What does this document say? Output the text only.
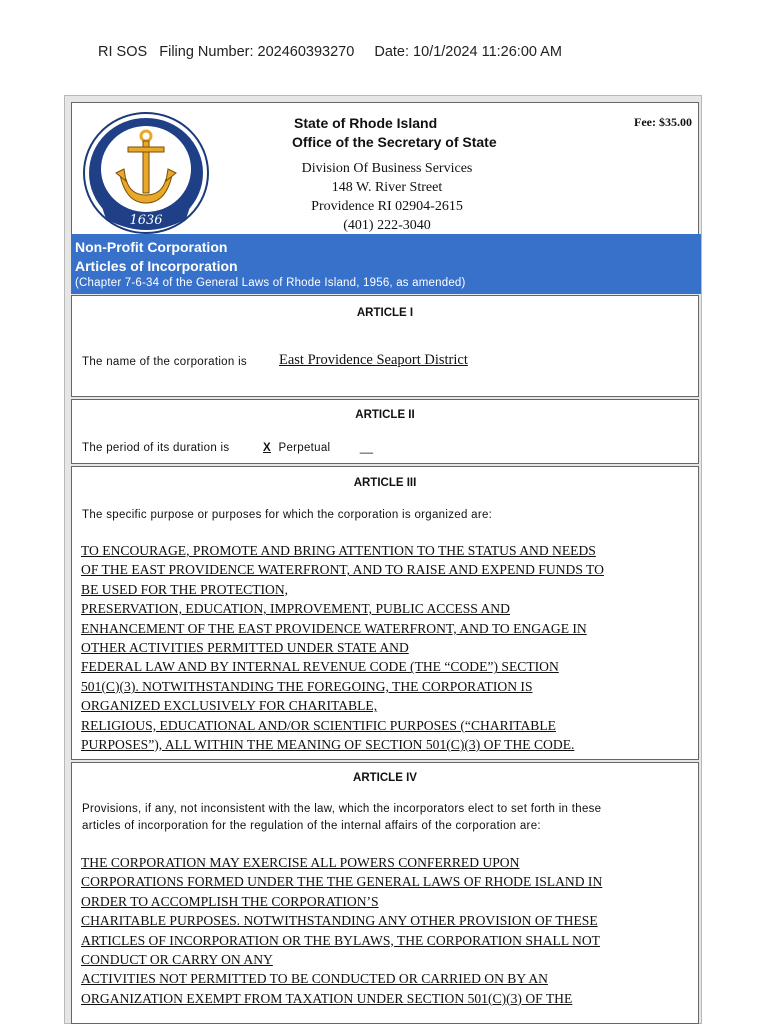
RI SOS   Filing Number: 202460393270 Date: 10/1/2024 11:26:00 AM
1636
State of Rhode Island
Office of the Secretary of State
Fee: $35.00
Division Of Business Services
148 W. River Street
Providence RI 02904-2615
(401) 222-3040
Non-Profit Corporation
Articles of Incorporation
(Chapter 7-6-34 of the General Laws of Rhode Island, 1956, as amended)
ARTICLE I
The name of the corporation is East Providence Seaport District
ARTICLE II
The period of its duration is	X Perpetual	__
ARTICLE III
The specific purpose or purposes for which the corporation is organized are:
TO ENCOURAGE, PROMOTE AND BRING ATTENTION TO THE STATUS AND NEEDS
OF THE EAST PROVIDENCE WATERFRONT, AND TO RAISE AND EXPEND FUNDS TO
BE USED FOR THE PROTECTION,
PRESERVATION, EDUCATION, IMPROVEMENT, PUBLIC ACCESS AND
ENHANCEMENT OF THE EAST PROVIDENCE WATERFRONT, AND TO ENGAGE IN
OTHER ACTIVITIES PERMITTED UNDER STATE AND
FEDERAL LAW AND BY INTERNAL REVENUE CODE (THE “CODE”) SECTION
501(C)(3). NOTWITHSTANDING THE FOREGOING, THE CORPORATION IS
ORGANIZED EXCLUSIVELY FOR CHARITABLE,
RELIGIOUS, EDUCATIONAL AND/OR SCIENTIFIC PURPOSES (“CHARITABLE
PURPOSES”), ALL WITHIN THE MEANING OF SECTION 501(C)(3) OF THE CODE.
ARTICLE IV
Provisions, if any, not inconsistent with the law, which the incorporators elect to set forth in these
articles of incorporation for the regulation of the internal affairs of the corporation are:
THE CORPORATION MAY EXERCISE ALL POWERS CONFERRED UPON
CORPORATIONS FORMED UNDER THE THE GENERAL LAWS OF RHODE ISLAND IN
ORDER TO ACCOMPLISH THE CORPORATION’S
CHARITABLE PURPOSES. NOTWITHSTANDING ANY OTHER PROVISION OF THESE
ARTICLES OF INCORPORATION OR THE BYLAWS, THE CORPORATION SHALL NOT
CONDUCT OR CARRY ON ANY
ACTIVITIES NOT PERMITTED TO BE CONDUCTED OR CARRIED ON BY AN
ORGANIZATION EXEMPT FROM TAXATION UNDER SECTION 501(C)(3) OF THE
